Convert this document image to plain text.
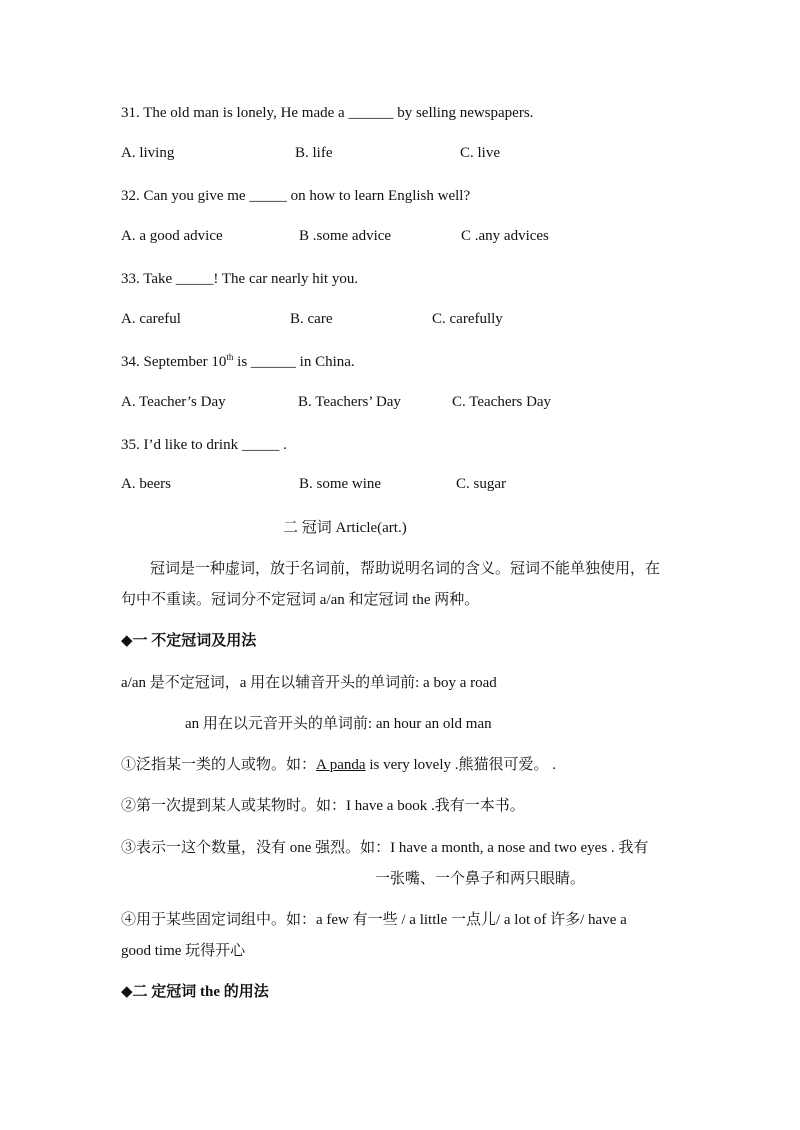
31. The old man is lonely, He made a ______ by selling newspapers.
A. living	B. life	C. live
32. Can you give me _____ on how to learn English well?
A. a good advice	B .some advice	C .any advices
33. Take _____! The car nearly hit you.
A. careful	B. care	C. carefully
34. September 10th is ______ in China.
A. Teacher’s Day	B. Teachers’ Day	C. Teachers Day
35. I’d like to drink _____ .
A. beers	B. some wine	C. sugar
二 冠词 Article(art.)
冠词是一种虚词，放于名词前，帮助说明名词的含义。冠词不能单独使用，在
句中不重读。冠词分不定冠词 a/an 和定冠词 the 两种。
◆一 不定冠词及用法
a/an 是不定冠词，a 用在以辅音开头的单词前: a boy a road
an 用在以元音开头的单词前: an hour an old man
①泛指某一类的人或物。如：A panda is very lovely .熊猫很可爱。 .
②第一次提到某人或某物时。如：I have a book .我有一本书。
③表示一这个数量，没有 one 强烈。如：I have a month, a nose and two eyes . 我有
一张嘴、一个鼻子和两只眼睛。
④用于某些固定词组中。如：a few 有一些 / a little 一点儿/ a lot of 许多/ have a
good time 玩得开心
◆二 定冠词 the 的用法
